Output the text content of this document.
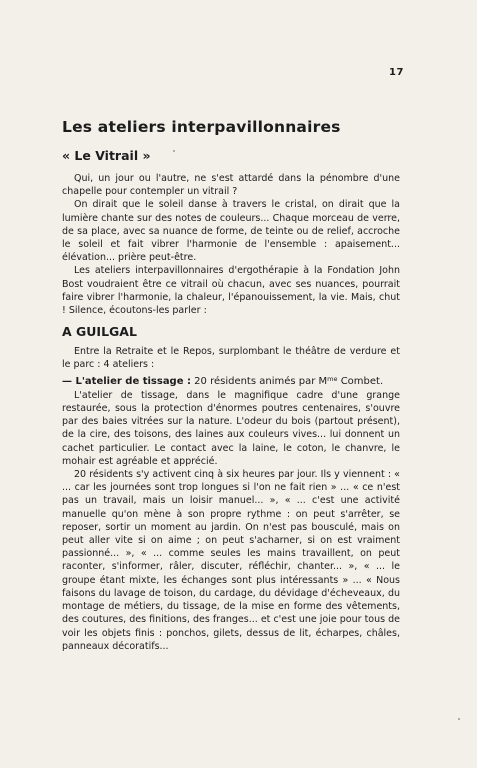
17
Les ateliers interpavillonnaires
« Le Vitrail »

Qui, un jour ou l'autre, ne s'est attardé dans la pénombre d'une chapelle pour contempler un vitrail ?

On dirait que le soleil danse à travers le cristal, on dirait que la lumière chante sur des notes de couleurs... Chaque morceau de verre, de sa place, avec sa nuance de forme, de teinte ou de relief, accroche le soleil et fait vibrer l'harmonie de l'ensemble : apaisement... élévation... prière peut-être.

Les ateliers interpavillonnaires d'ergothérapie à la Fondation John Bost voudraient être ce vitrail où chacun, avec ses nuances, pourrait faire vibrer l'harmonie, la chaleur, l'épanouissement, la vie. Mais, chut ! Silence, écoutons-les parler :

A GUILGAL

Entre la Retraite et le Repos, surplombant le théâtre de verdure et le parc : 4 ateliers :

— L'atelier de tissage : 20 résidents animés par $M^{me}$ Combet.

L'atelier de tissage, dans le magnifique cadre d'une grange restaurée, sous la protection d'énormes poutres centenaires, s'ouvre par des baies vitrées sur la nature. L'odeur du bois (partout présent), de la cire, des toisons, des laines aux couleurs vives... lui donnent un cachet particulier. Le contact avec la laine, le coton, le chanvre, le mohair est agréable et apprécié.

20 résidents s'y activent cinq à six heures par jour. Ils y viennent : « ... car les journées sont trop longues si l'on ne fait rien » ... « ce n'est pas un travail, mais un loisir manuel... », « ... c'est une activité manuelle qu'on mène à son propre rythme : on peut s'arrêter, se reposer, sortir un moment au jardin. On n'est pas bousculé, mais on peut aller vite si on aime ; on peut s'acharner, si on est vraiment passionné... », « ... comme seules les mains travaillent, on peut raconter, s'informer, râler, discuter, réfléchir, chanter... », « ... le groupe étant mixte, les échanges sont plus intéressants » ... « Nous faisons du lavage de toison, du cardage, du dévidage d'écheveaux, du montage de métiers, du tissage, de la mise en forme des vêtements, des coutures, des finitions, des franges... et c'est une joie pour tous de voir les objets finis : ponchos, gilets, dessus de lit, écharpes, châles, panneaux décoratifs...
